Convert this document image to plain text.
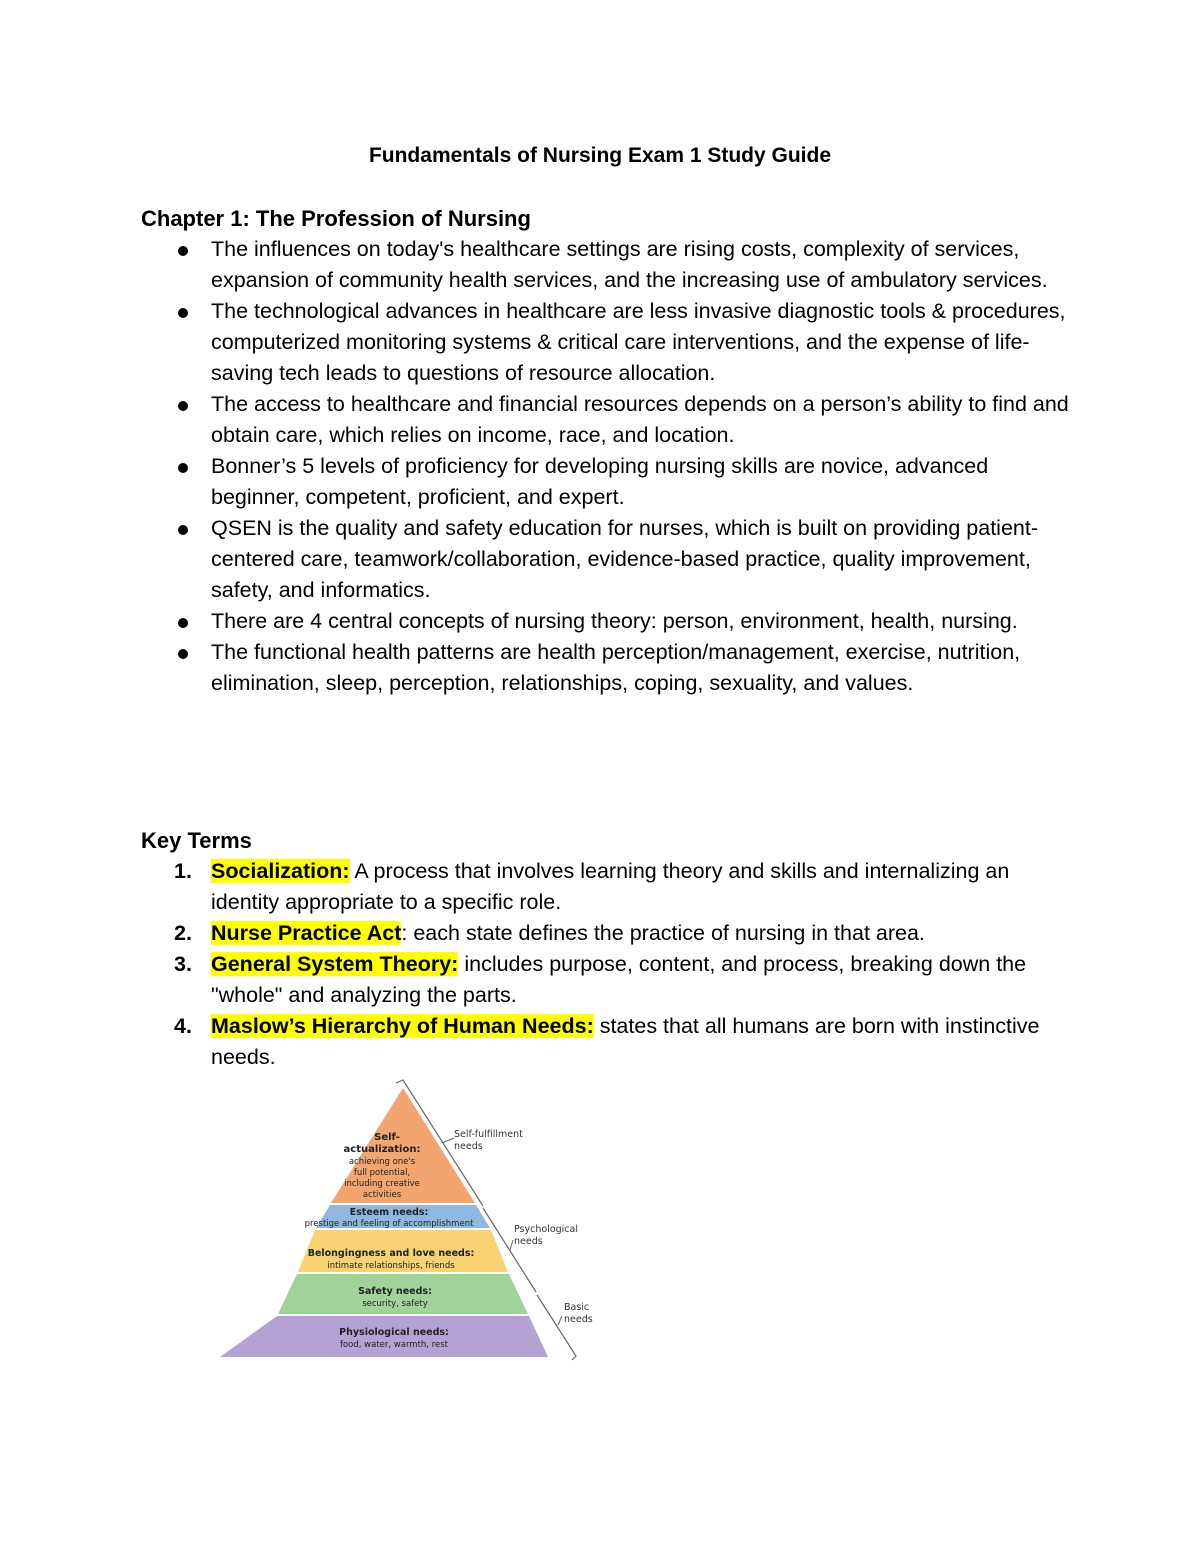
Fundamentals of Nursing Exam 1 Study Guide
Chapter 1: The Profession of Nursing
The influences on today's healthcare settings are rising costs, complexity of services, expansion of community health services, and the increasing use of ambulatory services.
The technological advances in healthcare are less invasive diagnostic tools & procedures, computerized monitoring systems & critical care interventions, and the expense of life-saving tech leads to questions of resource allocation.
The access to healthcare and financial resources depends on a person’s ability to find and obtain care, which relies on income, race, and location.
Bonner’s 5 levels of proficiency for developing nursing skills are novice, advanced beginner, competent, proficient, and expert.
QSEN is the quality and safety education for nurses, which is built on providing patient-centered care, teamwork/collaboration, evidence-based practice, quality improvement, safety, and informatics.
There are 4 central concepts of nursing theory: person, environment, health, nursing.
The functional health patterns are health perception/management, exercise, nutrition, elimination, sleep, perception, relationships, coping, sexuality, and values.
Key Terms
1. Socialization: A process that involves learning theory and skills and internalizing an identity appropriate to a specific role.
2. Nurse Practice Act: each state defines the practice of nursing in that area.
3. General System Theory: includes purpose, content, and process, breaking down the "whole" and analyzing the parts.
4. Maslow’s Hierarchy of Human Needs: states that all humans are born with instinctive needs.
Self-
actualization:
achieving one's
full potential,
including creative
activities
Esteem needs:
prestige and feeling of accomplishment
Belongingness and love needs:
intimate relationships, friends
Safety needs:
security, safety
Physiological needs:
food, water, warmth, rest
Self-fulfillment
needs
Psychological
needs
Basic
needs
